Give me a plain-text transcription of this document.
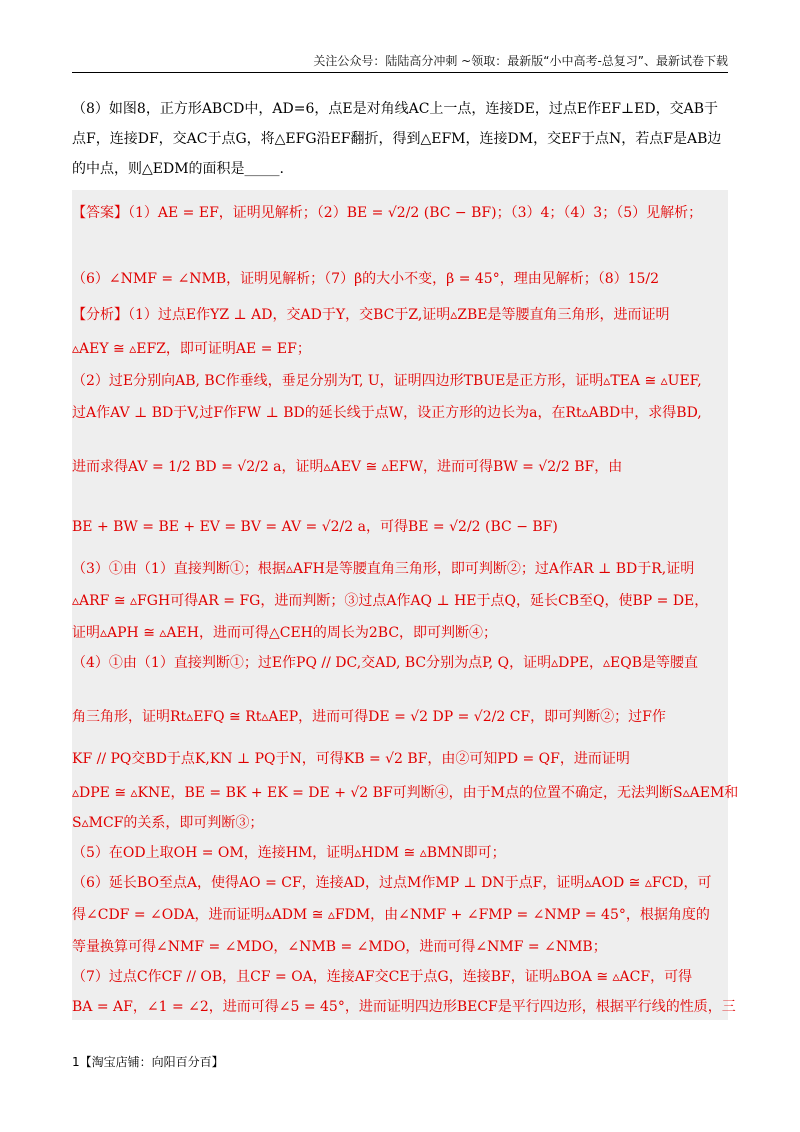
关注公众号：陆陆高分冲刺 ~领取：最新版“小中高考-总复习”、最新试卷下载
（8）如图8，正方形ABCD中，AD=6，点E是对角线AC上一点，连接DE，过点E作EF⊥ED，交AB于点F，连接DF，交AC于点G，将△EFG沿EF翻折，得到△EFM，连接DM，交EF于点N，若点F是AB边的中点，则△EDM的面积是_____.
【答案】（1）AE = EF，证明见解析；（2）BE = √2/2 (BC − BF)；（3）4；（4）3；（5）见解析；
（6）∠NMF = ∠NMB，证明见解析；（7）β的大小不变，β = 45°，理由见解析；（8）15/2
【分析】（1）过点E作YZ ⊥ AD，交AD于Y，交BC于Z,证明▵ZBE是等腰直角三角形，进而证明
▵AEY ≅ ▵EFZ，即可证明AE = EF；
（2）过E分别向AB, BC作垂线，垂足分别为T, U，证明四边形TBUE是正方形，证明▵TEA ≅ ▵UEF,
过A作AV ⊥ BD于V,过F作FW ⊥ BD的延长线于点W，设正方形的边长为a，在Rt▵ABD中，求得BD,
进而求得AV = 1/2 BD = √2/2 a，证明▵AEV ≅ ▵EFW，进而可得BW = √2/2 BF，由
BE + BW = BE + EV = BV = AV = √2/2 a，可得BE = √2/2 (BC − BF)
（3）①由（1）直接判断①；根据▵AFH是等腰直角三角形，即可判断②；过A作AR ⊥ BD于R,证明
▵ARF ≅ ▵FGH可得AR = FG，进而判断；③过点A作AQ ⊥ HE于点Q，延长CB至Q，使BP = DE，
证明▵APH ≅ ▵AEH，进而可得△CEH的周长为2BC，即可判断④；
（4）①由（1）直接判断①；过E作PQ // DC,交AD, BC分别为点P, Q，证明▵DPE，▵EQB是等腰直
角三角形，证明Rt▵EFQ ≅ Rt▵AEP，进而可得DE = √2 DP = √2/2 CF，即可判断②；过F作
KF // PQ交BD于点K,KN ⊥ PQ于N，可得KB = √2 BF，由②可知PD = QF，进而证明
▵DPE ≅ ▵KNE，BE = BK + EK = DE + √2 BF可判断④，由于M点的位置不确定，无法判断S▵AEM和
S▵MCF的关系，即可判断③；
（5）在OD上取OH = OM，连接HM，证明▵HDM ≅ ▵BMN即可；
（6）延长BO至点A，使得AO = CF，连接AD，过点M作MP ⊥ DN于点F，证明▵AOD ≅ ▵FCD，可
得∠CDF = ∠ODA，进而证明▵ADM ≅ ▵FDM，由∠NMF + ∠FMP = ∠NMP = 45°，根据角度的
等量换算可得∠NMF = ∠MDO，∠NMB = ∠MDO，进而可得∠NMF = ∠NMB；
（7）过点C作CF // OB，且CF = OA，连接AF交CE于点G，连接BF，证明▵BOA ≅ ▵ACF，可得
BA = AF，∠1 = ∠2，进而可得∠5 = 45°，进而证明四边形BECF是平行四边形，根据平行线的性质，三
1【淘宝店铺：向阳百分百】
